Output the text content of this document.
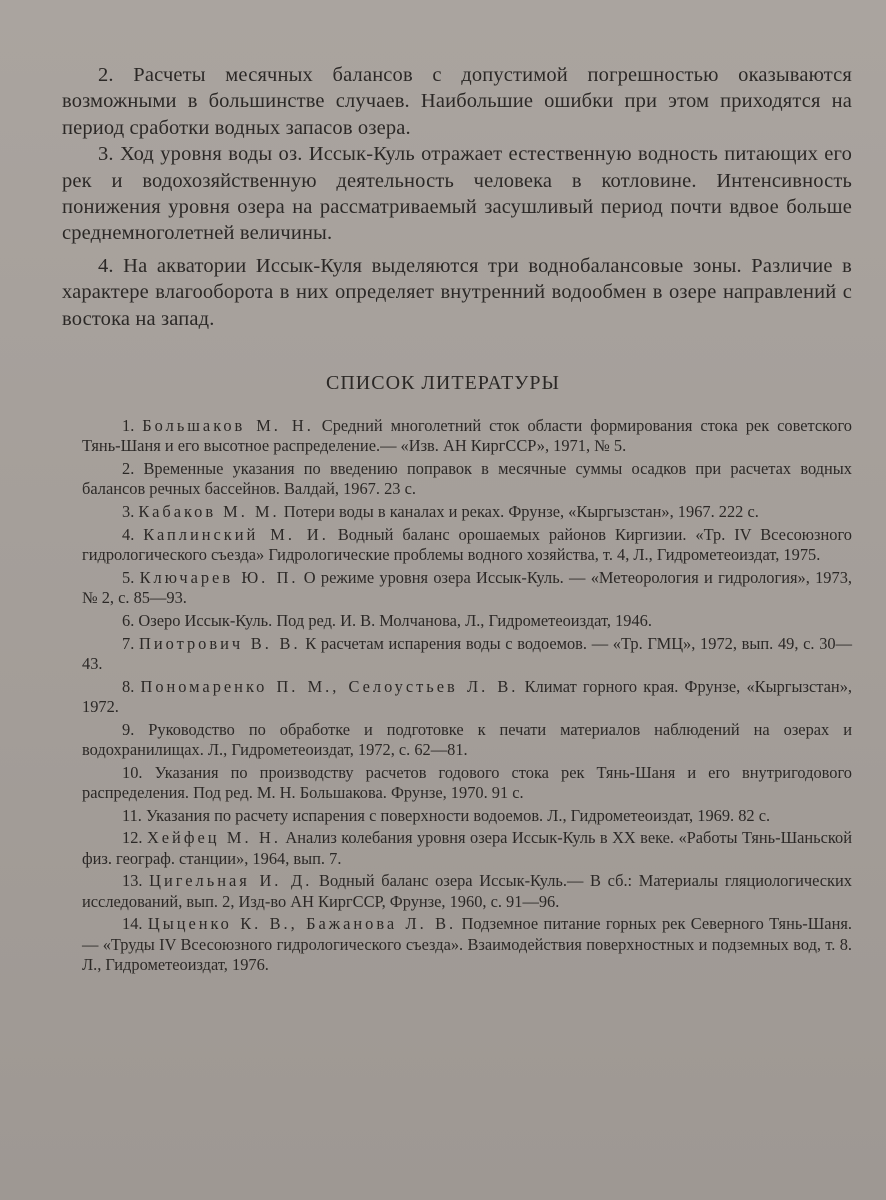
2. Расчеты месячных балансов с допустимой погрешностью оказываются возможными в большинстве случаев. Наибольшие ошибки при этом приходятся на период сработки водных запасов озера.

3. Ход уровня воды оз. Иссык-Куль отражает естественную водность питающих его рек и водохозяйственную деятельность человека в котловине. Интенсивность понижения уровня озера на рассматриваемый засушливый период почти вдвое больше среднемноголетней величины.

4. На акватории Иссык-Куля выделяются три воднобалансовые зоны. Различие в характере влагооборота в них определяет внутренний водообмен в озере направлений с востока на запад.

СПИСОК ЛИТЕРАТУРЫ

1. Большаков М. Н. Средний многолетний сток области формирования стока рек советского Тянь-Шаня и его высотное распределение.— «Изв. АН КиргССР», 1971, № 5.

2. Временные указания по введению поправок в месячные суммы осадков при расчетах водных балансов речных бассейнов. Валдай, 1967. 23 с.

3. Кабаков М. М. Потери воды в каналах и реках. Фрунзе, «Кыргызстан», 1967. 222 с.

4. Каплинский М. И. Водный баланс орошаемых районов Киргизии. «Тр. IV Всесоюзного гидрологического съезда» Гидрологические проблемы водного хозяйства, т. 4, Л., Гидрометеоиздат, 1975.

5. Ключарев Ю. П. О режиме уровня озера Иссык-Куль. — «Метеорология и гидрология», 1973, № 2, с. 85—93.

6. Озеро Иссык-Куль. Под ред. И. В. Молчанова, Л., Гидрометеоиздат, 1946.

7. Пиотрович В. В. К расчетам испарения воды с водоемов. — «Тр. ГМЦ», 1972, вып. 49, с. 30—43.

8. Пономаренко П. М., Селоустьев Л. В. Климат горного края. Фрунзе, «Кыргызстан», 1972.

9. Руководство по обработке и подготовке к печати материалов наблюдений на озерах и водохранилищах. Л., Гидрометеоиздат, 1972, с. 62—81.

10. Указания по производству расчетов годового стока рек Тянь-Шаня и его внутригодового распределения. Под ред. М. Н. Большакова. Фрунзе, 1970. 91 с.

11. Указания по расчету испарения с поверхности водоемов. Л., Гидрометеоиздат, 1969. 82 с.

12. Хейфец М. Н. Анализ колебания уровня озера Иссык-Куль в XX веке. «Работы Тянь-Шаньской физ. географ. станции», 1964, вып. 7.

13. Цигельная И. Д. Водный баланс озера Иссык-Куль.— В сб.: Материалы гляциологических исследований, вып. 2, Изд-во АН КиргССР, Фрунзе, 1960, с. 91—96.

14. Цыценко К. В., Бажанова Л. В. Подземное питание горных рек Северного Тянь-Шаня. — «Труды IV Всесоюзного гидрологического съезда». Взаимодействия поверхностных и подземных вод, т. 8. Л., Гидрометеоиздат, 1976.
